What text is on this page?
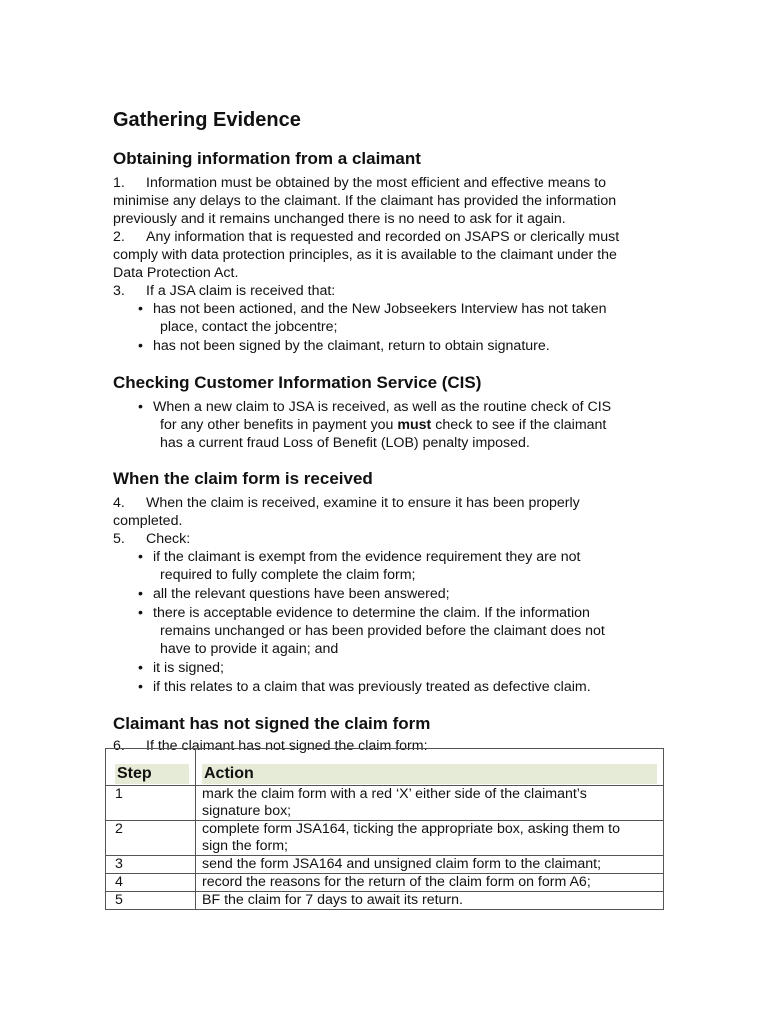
Gathering Evidence
Obtaining information from a claimant

1. Information must be obtained by the most efficient and effective means to
minimise any delays to the claimant. If the claimant has provided the information
previously and it remains unchanged there is no need to ask for it again.

2. Any information that is requested and recorded on JSAPS or clerically must
comply with data protection principles, as it is available to the claimant under the
Data Protection Act.

3. If a JSA claim is received that:

• has not been actioned, and the New Jobseekers Interview has not taken
place, contact the jobcentre;
• has not been signed by the claimant, return to obtain signature.
Checking Customer Information Service (CIS)
• When a new claim to JSA is received, as well as the routine check of CIS
for any other benefits in payment you must check to see if the claimant
has a current fraud Loss of Benefit (LOB) penalty imposed.
When the claim form is received

4. When the claim is received, examine it to ensure it has been properly
completed.

5. Check:

• if the claimant is exempt from the evidence requirement they are not
required to fully complete the claim form;
• all the relevant questions have been answered;
• there is acceptable evidence to determine the claim. If the information
remains unchanged or has been provided before the claimant does not
have to provide it again; and
• it is signed;
• if this relates to a claim that was previously treated as defective claim.
Claimant has not signed the claim form

6. If the claimant has not signed the claim form:

Step	Action

1	mark the claim form with a red ‘X’ either side of the claimant’s
signature box;
2	complete form JSA164, ticking the appropriate box, asking them to
sign the form;
3	send the form JSA164 and unsigned claim form to the claimant;
4	record the reasons for the return of the claim form on form A6;
5	BF the claim for 7 days to await its return.
